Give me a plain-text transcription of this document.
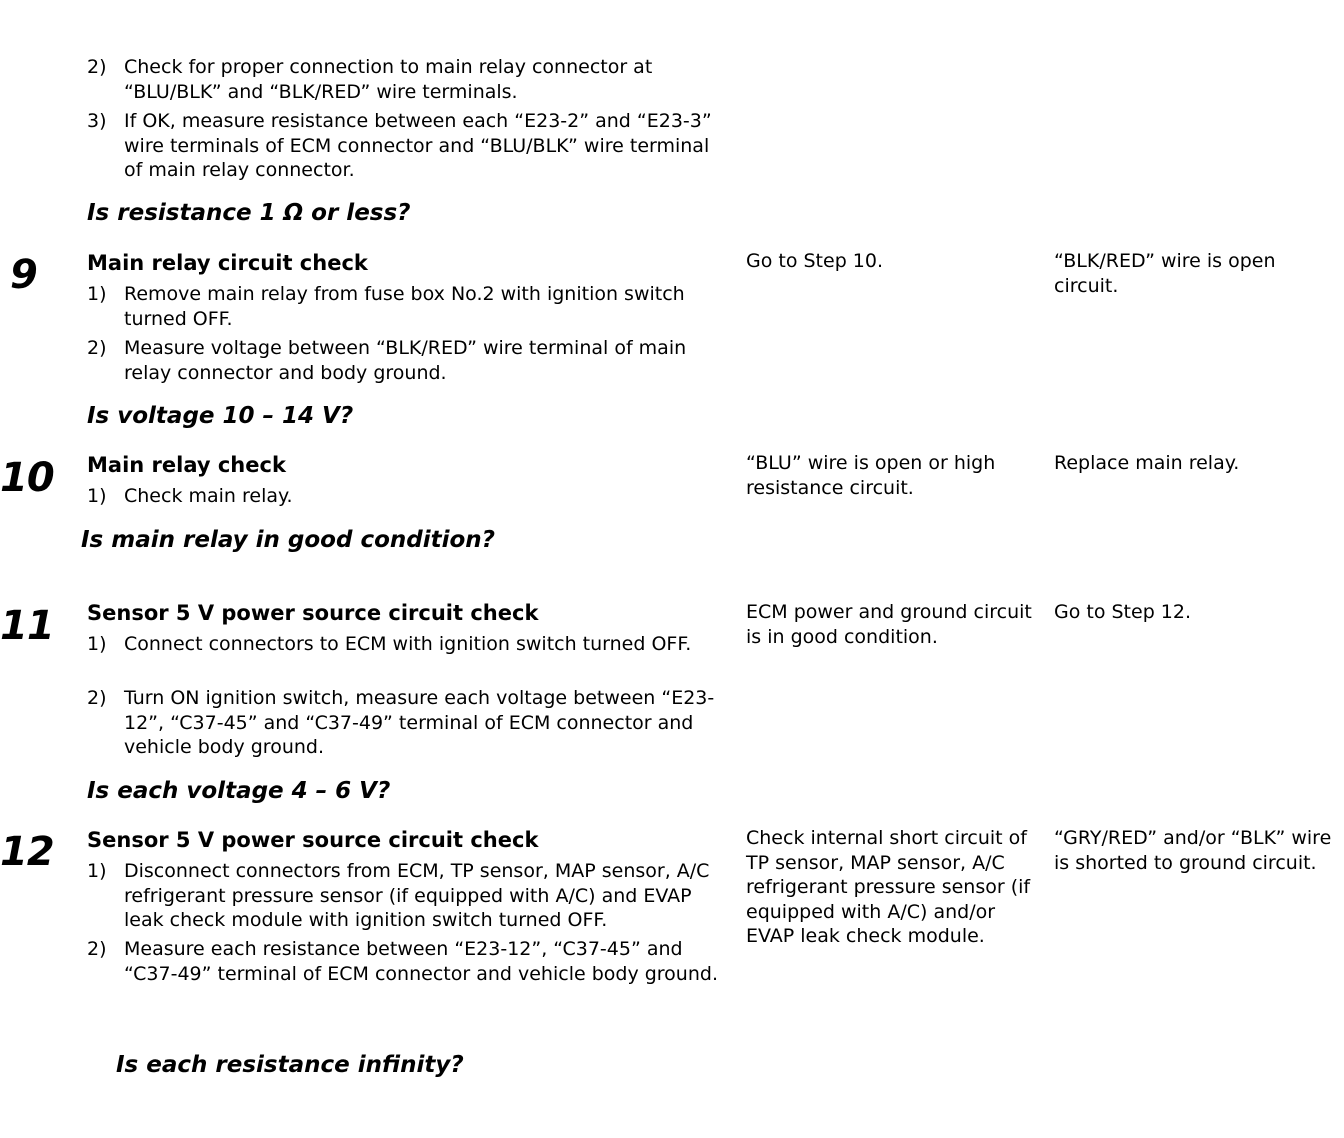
2) Check for proper connection to main relay connector at “BLU/BLK” and “BLK/RED” wire terminals.
3) If OK, measure resistance between each “E23-2” and “E23-3” wire terminals of ECM connector and “BLU/BLK” wire terminal of main relay connector.
Is resistance 1 Ω or less?
9 Main relay circuit check
1) Remove main relay from fuse box No.2 with ignition switch turned OFF.
2) Measure voltage between “BLK/RED” wire terminal of main relay connector and body ground.
Is voltage 10 – 14 V?
Go to Step 10.	“BLK/RED” wire is open circuit.
10 Main relay check
1) Check main relay.
Is main relay in good condition?
“BLU” wire is open or high resistance circuit.
Replace main relay.
11 Sensor 5 V power source circuit check
1) Connect connectors to ECM with ignition switch turned OFF.
2) Turn ON ignition switch, measure each voltage between “E23-12”, “C37-45” and “C37-49” terminal of ECM connector and vehicle body ground.
Is each voltage 4 – 6 V?
ECM power and ground circuit is in good condition.
Go to Step 12.
12 Sensor 5 V power source circuit check
1) Disconnect connectors from ECM, TP sensor, MAP sensor, A/C refrigerant pressure sensor (if equipped with A/C) and EVAP leak check module with ignition switch turned OFF.
2) Measure each resistance between “E23-12”, “C37-45” and “C37-49” terminal of ECM connector and vehicle body ground.
Is each resistance infinity?
Check internal short circuit of TP sensor, MAP sensor, A/C refrigerant pressure sensor (if equipped with A/C) and/or EVAP leak check module.
“GRY/RED” and/or “BLK” wire is shorted to ground circuit.
